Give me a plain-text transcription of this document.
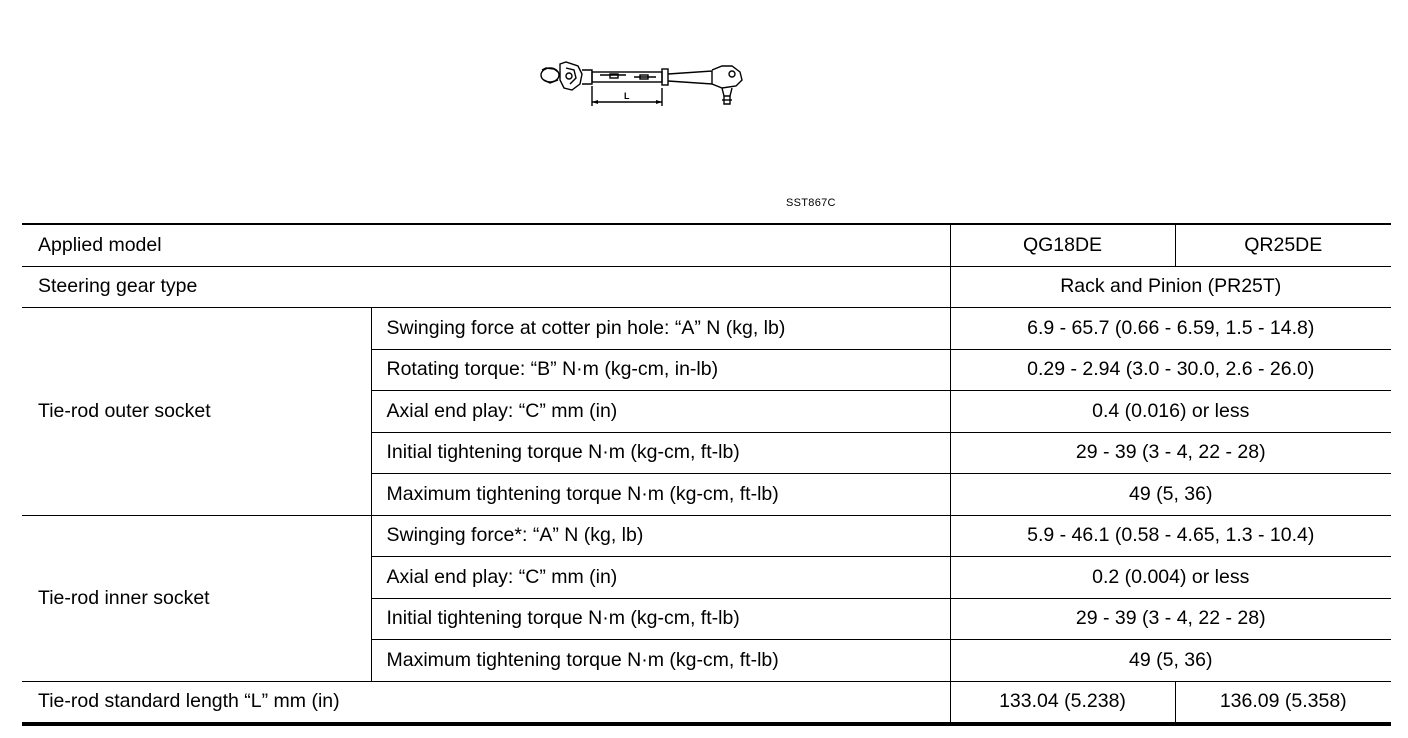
L
SST867C
Applied model		QG18DE	QR25DE
Steering gear type		Rack and Pinion (PR25T)	
Tie-rod outer socket	Swinging force at cotter pin hole: “A” N (kg, lb)	6.9 - 65.7 (0.66 - 6.59, 1.5 - 14.8)	
	Rotating torque: “B” N·m (kg-cm, in-lb)	0.29 - 2.94 (3.0 - 30.0, 2.6 - 26.0)	
	Axial end play: “C” mm (in)	0.4 (0.016) or less	
	Initial tightening torque N·m (kg-cm, ft-lb)	29 - 39 (3 - 4, 22 - 28)	
	Maximum tightening torque N·m (kg-cm, ft-lb)	49 (5, 36)	
Tie-rod inner socket	Swinging force*: “A” N (kg, lb)	5.9 - 46.1 (0.58 - 4.65, 1.3 - 10.4)	
	Axial end play: “C” mm (in)	0.2 (0.004) or less	
	Initial tightening torque N·m (kg-cm, ft-lb)	29 - 39 (3 - 4, 22 - 28)	
	Maximum tightening torque N·m (kg-cm, ft-lb)	49 (5, 36)	
Tie-rod standard length “L” mm (in)		133.04 (5.238)	136.09 (5.358)
